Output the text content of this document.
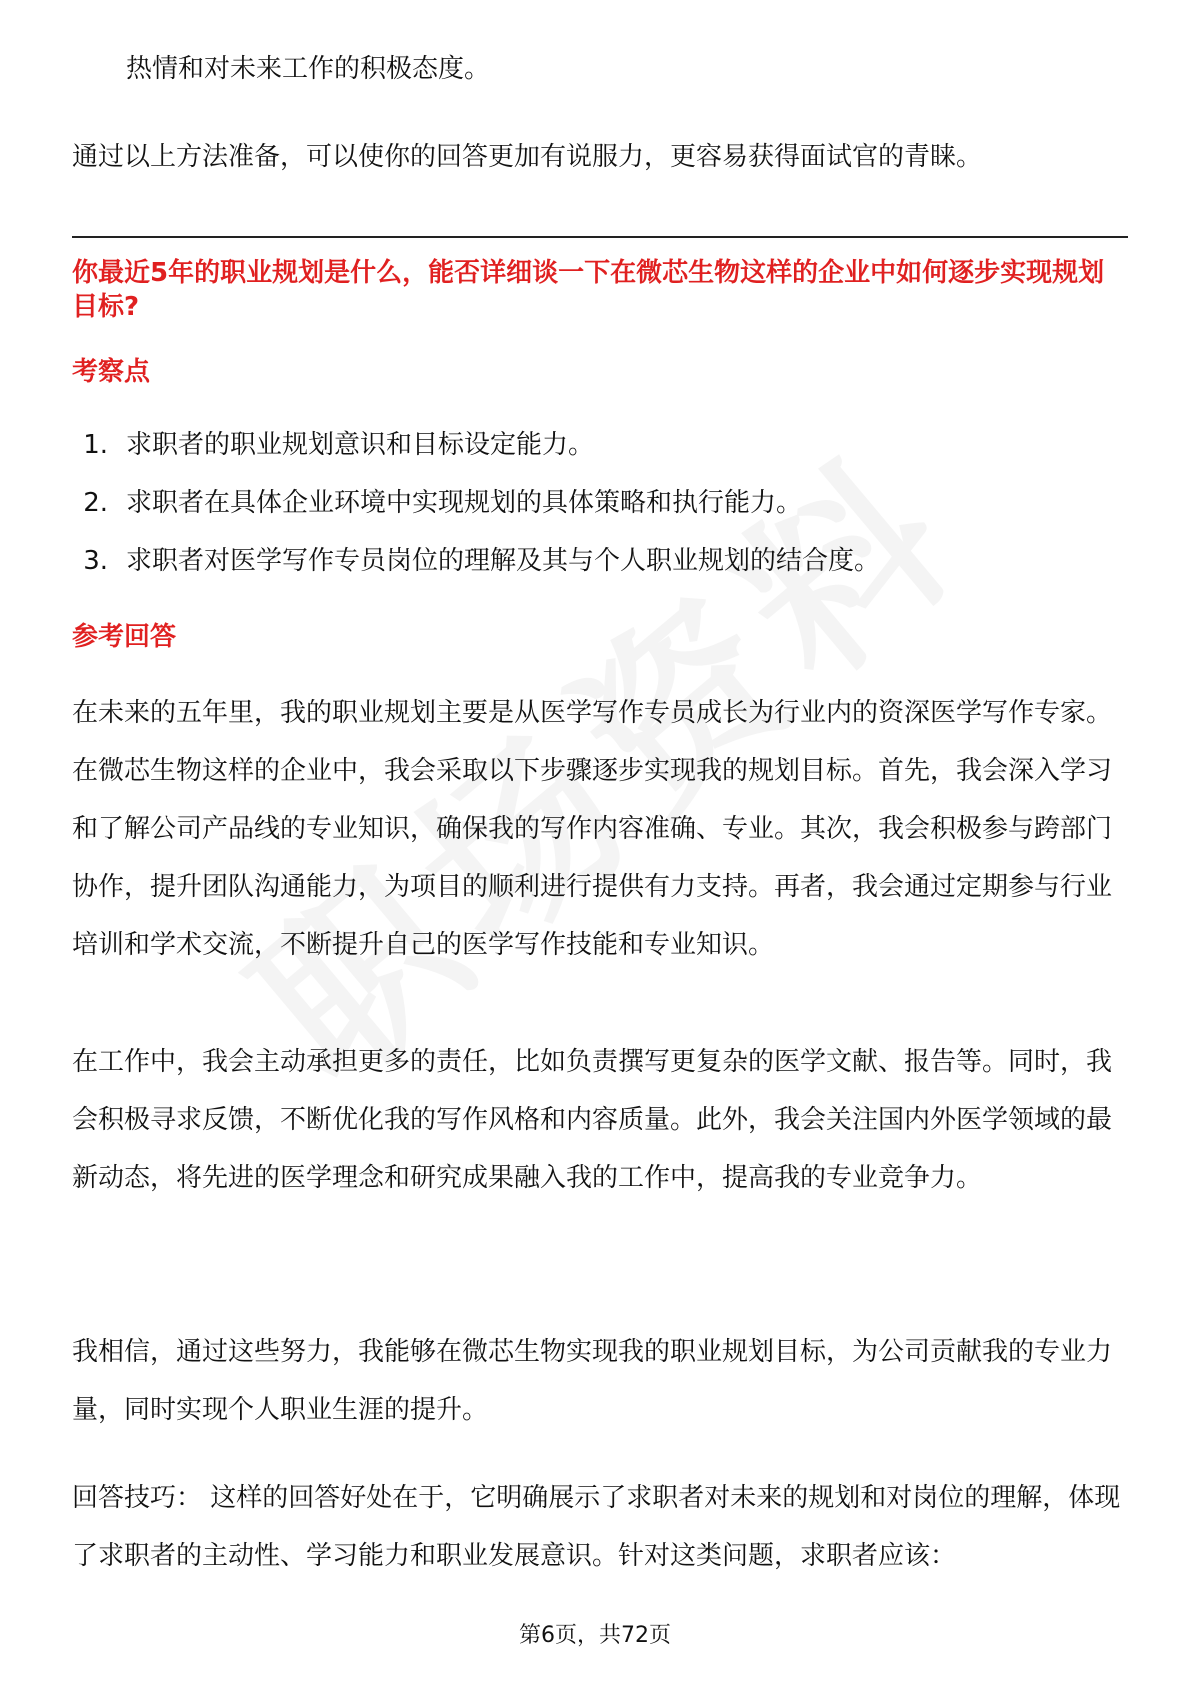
热情和对未来工作的积极态度。

通过以上方法准备，可以使你的回答更加有说服力，更容易获得面试官的青睐。

你最近5年的职业规划是什么，能否详细谈一下在微芯生物这样的企业中如何逐步实现规划目标?
考察点
1. 求职者的职业规划意识和目标设定能力。
2. 求职者在具体企业环境中实现规划的具体策略和执行能力。
3. 求职者对医学写作专员岗位的理解及其与个人职业规划的结合度。
参考回答

在未来的五年里，我的职业规划主要是从医学写作专员成长为行业内的资深医学写作专家。在微芯生物这样的企业中，我会采取以下步骤逐步实现我的规划目标。首先，我会深入学习和了解公司产品线的专业知识，确保我的写作内容准确、专业。其次，我会积极参与跨部门协作，提升团队沟通能力，为项目的顺利进行提供有力支持。再者，我会通过定期参与行业培训和学术交流，不断提升自己的医学写作技能和专业知识。

在工作中，我会主动承担更多的责任，比如负责撰写更复杂的医学文献、报告等。同时，我会积极寻求反馈，不断优化我的写作风格和内容质量。此外，我会关注国内外医学领域的最新动态，将先进的医学理念和研究成果融入我的工作中，提高我的专业竞争力。

我相信，通过这些努力，我能够在微芯生物实现我的职业规划目标，为公司贡献我的专业力量，同时实现个人职业生涯的提升。

回答技巧： 这样的回答好处在于，它明确展示了求职者对未来的规划和对岗位的理解，体现了求职者的主动性、学习能力和职业发展意识。针对这类问题，求职者应该：

第6页，共72页
